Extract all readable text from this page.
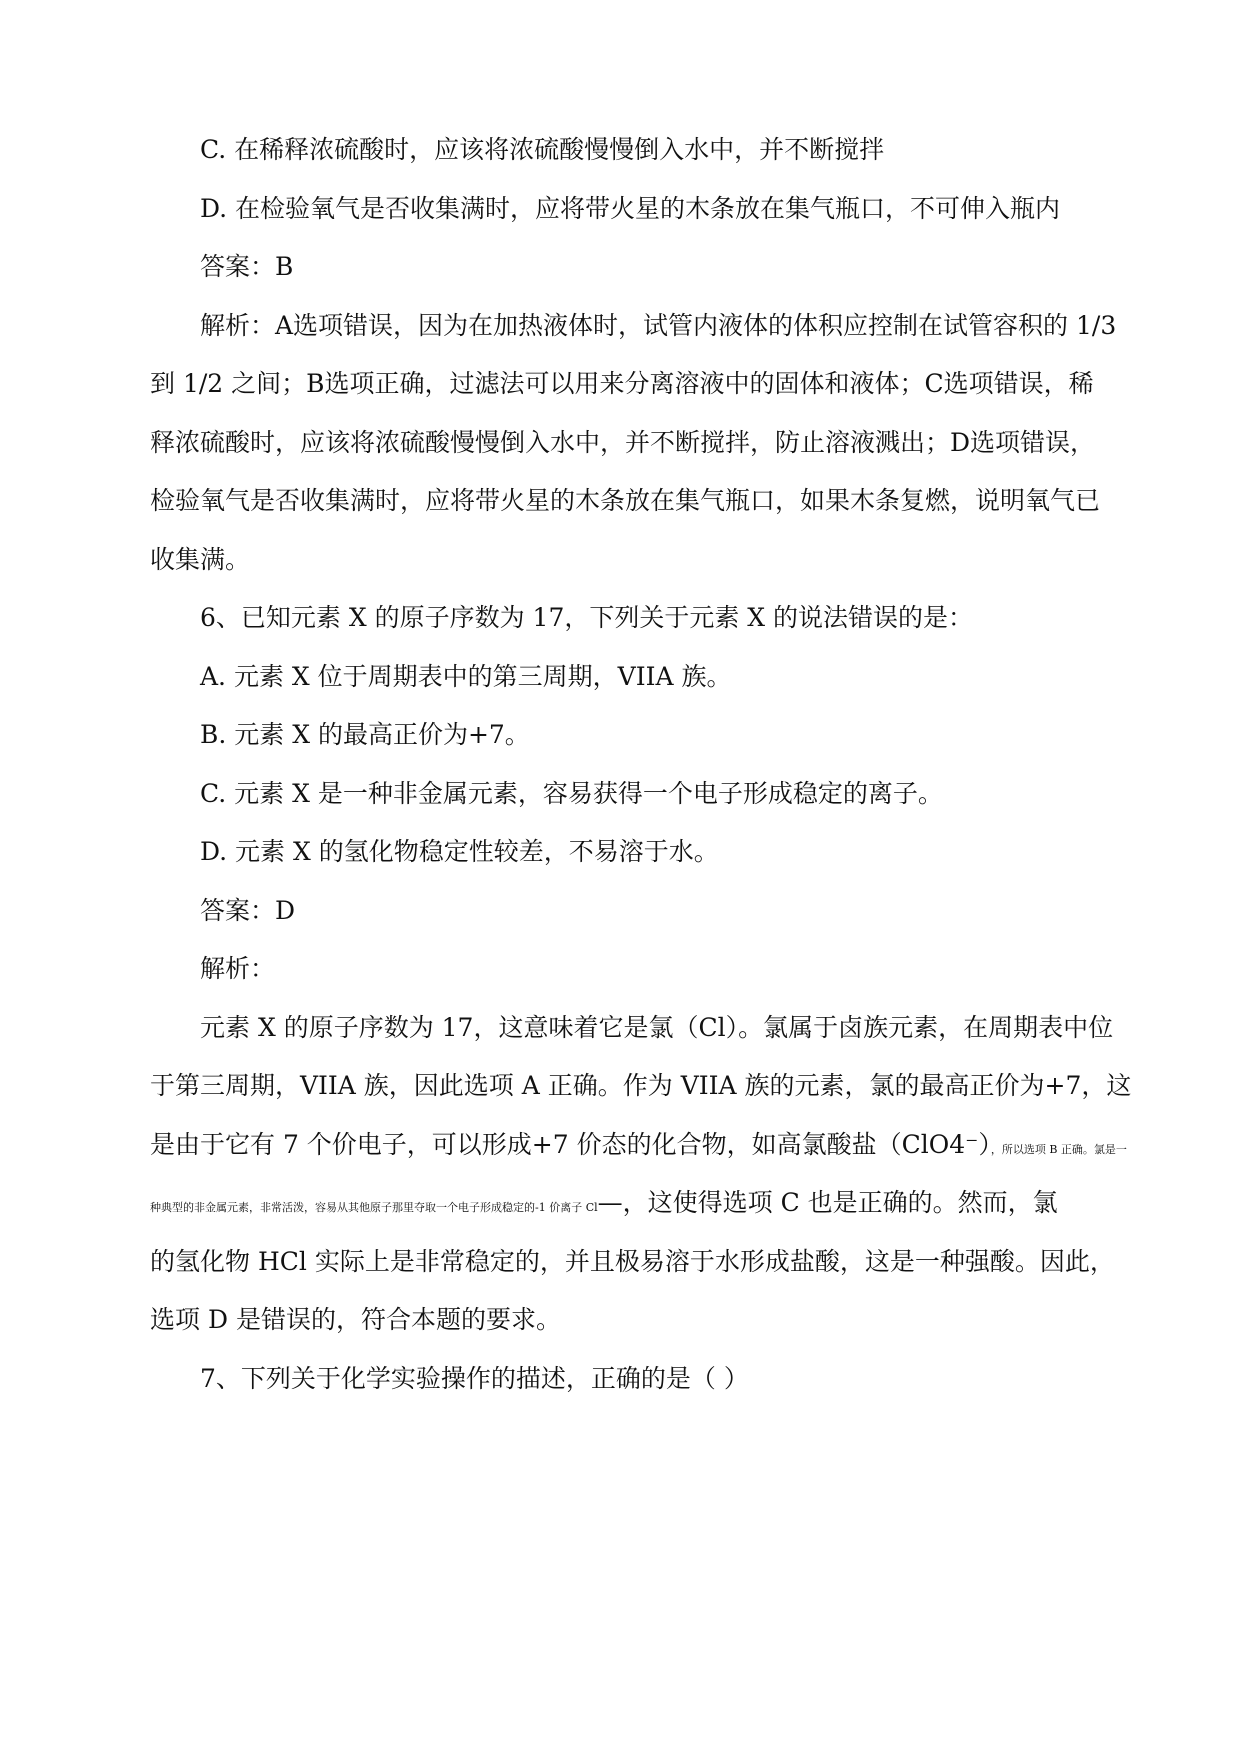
C. 在稀释浓硫酸时，应该将浓硫酸慢慢倒入水中，并不断搅拌
D. 在检验氧气是否收集满时，应将带火星的木条放在集气瓶口，不可伸入瓶内
答案：B
解析：A选项错误，因为在加热液体时，试管内液体的体积应控制在试管容积的 1/3
到 1/2 之间；B选项正确，过滤法可以用来分离溶液中的固体和液体；C选项错误，稀
释浓硫酸时，应该将浓硫酸慢慢倒入水中，并不断搅拌，防止溶液溅出；D选项错误，
检验氧气是否收集满时，应将带火星的木条放在集气瓶口，如果木条复燃，说明氧气已
收集满。
6、已知元素 X 的原子序数为 17，下列关于元素 X 的说法错误的是：
A. 元素 X 位于周期表中的第三周期，VIIA 族。
B. 元素 X 的最高正价为+7。
C. 元素 X 是一种非金属元素，容易获得一个电子形成稳定的离子。
D. 元素 X 的氢化物稳定性较差，不易溶于水。
答案：D
解析：
元素 X 的原子序数为 17，这意味着它是氯（Cl）。氯属于卤族元素，在周期表中位
于第三周期，VIIA 族，因此选项 A 正确。作为 VIIA 族的元素，氯的最高正价为+7，这
是由于它有 7 个价电子，可以形成+7 价态的化合物，如高氯酸盐（ClO4⁻），所以选项 B 正确。氯是一
种典型的非金属元素，非常活泼，容易从其他原子那里夺取一个电子形成稳定的-1 价离子 Cl—，这使得选项 C 也是正确的。然而，氯
的氢化物 HCl 实际上是非常稳定的，并且极易溶于水形成盐酸，这是一种强酸。因此，
选项 D 是错误的，符合本题的要求。
7、下列关于化学实验操作的描述，正确的是（ ）
